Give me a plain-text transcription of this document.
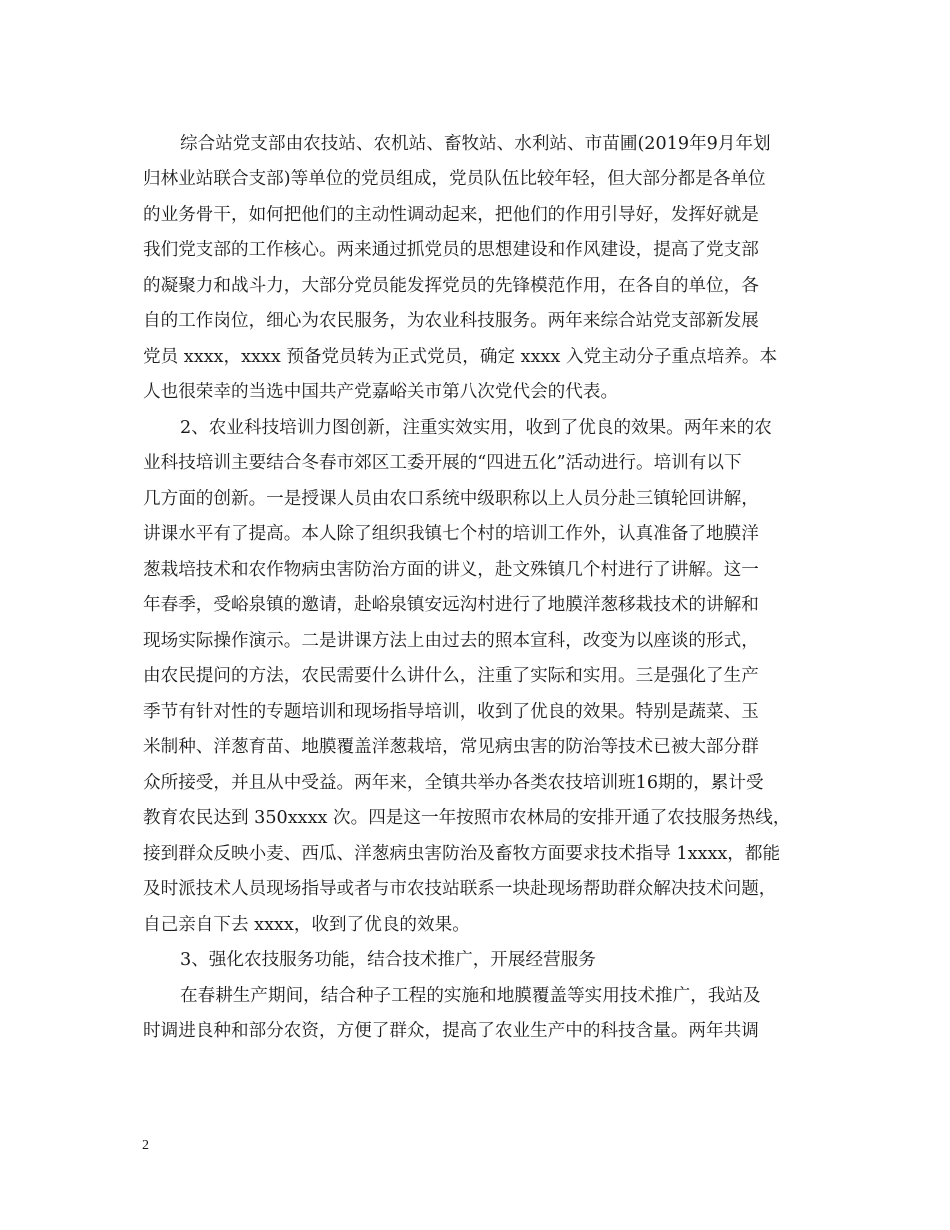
综合站党支部由农技站、农机站、畜牧站、水利站、市苗圃(2019年9月年划
归林业站联合支部)等单位的党员组成，党员队伍比较年轻，但大部分都是各单位
的业务骨干，如何把他们的主动性调动起来，把他们的作用引导好，发挥好就是
我们党支部的工作核心。两来通过抓党员的思想建设和作风建设，提高了党支部
的凝聚力和战斗力，大部分党员能发挥党员的先锋模范作用，在各自的单位，各
自的工作岗位，细心为农民服务，为农业科技服务。两年来综合站党支部新发展
党员 xxxx，xxxx 预备党员转为正式党员，确定 xxxx 入党主动分子重点培养。本
人也很荣幸的当选中国共产党嘉峪关市第八次党代会的代表。
2、农业科技培训力图创新，注重实效实用，收到了优良的效果。两年来的农
业科技培训主要结合冬春市郊区工委开展的“四进五化”活动进行。培训有以下
几方面的创新。一是授课人员由农口系统中级职称以上人员分赴三镇轮回讲解，
讲课水平有了提高。本人除了组织我镇七个村的培训工作外，认真准备了地膜洋
葱栽培技术和农作物病虫害防治方面的讲义，赴文殊镇几个村进行了讲解。这一
年春季，受峪泉镇的邀请，赴峪泉镇安远沟村进行了地膜洋葱移栽技术的讲解和
现场实际操作演示。二是讲课方法上由过去的照本宣科，改变为以座谈的形式，
由农民提问的方法，农民需要什么讲什么，注重了实际和实用。三是强化了生产
季节有针对性的专题培训和现场指导培训，收到了优良的效果。特别是蔬菜、玉
米制种、洋葱育苗、地膜覆盖洋葱栽培，常见病虫害的防治等技术已被大部分群
众所接受，并且从中受益。两年来，全镇共举办各类农技培训班16期的，累计受
教育农民达到 350xxxx 次。四是这一年按照市农林局的安排开通了农技服务热线，
接到群众反映小麦、西瓜、洋葱病虫害防治及畜牧方面要求技术指导 1xxxx，都能
及时派技术人员现场指导或者与市农技站联系一块赴现场帮助群众解决技术问题，
自己亲自下去 xxxx，收到了优良的效果。
3、强化农技服务功能，结合技术推广，开展经营服务
在春耕生产期间，结合种子工程的实施和地膜覆盖等实用技术推广，我站及
时调进良种和部分农资，方便了群众，提高了农业生产中的科技含量。两年共调
2
